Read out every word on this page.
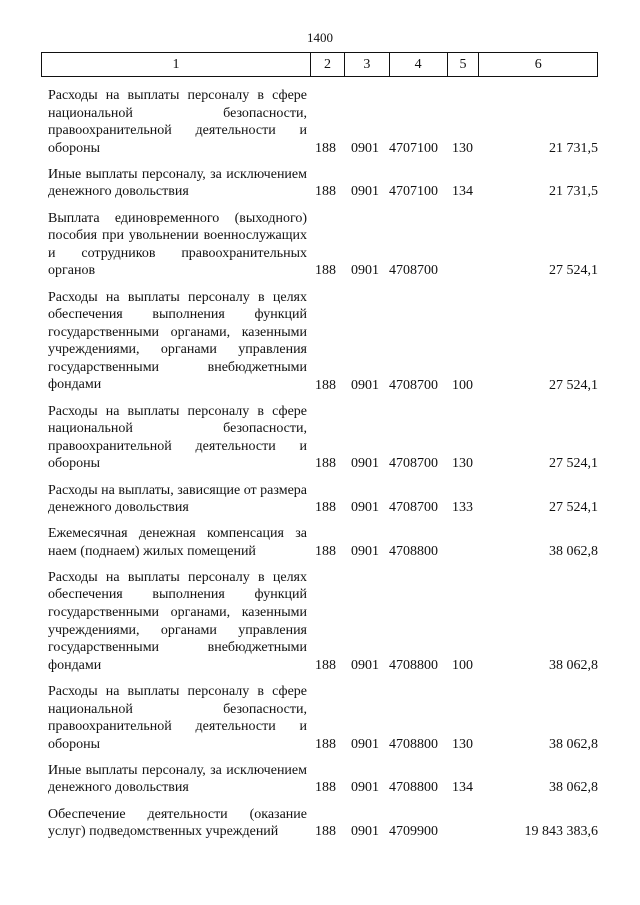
1400
1	2	3	4	5	6
Расходы на выплаты персоналу в сфере национальной безопасности, правоохранительной деятельности и обороны	188 0901 4707100 130	21 731,5
Иные выплаты персоналу, за исключением денежного довольствия	188 0901 4707100 134	21 731,5
Выплата единовременного (выходного) пособия при увольнении военнослужащих и сотрудников правоохранительных органов	188 0901 4708700	27 524,1
Расходы на выплаты персоналу в целях обеспечения выполнения функций государственными органами, казенными учреждениями, органами управления государственными внебюджетными фондами	188 0901 4708700 100	27 524,1
Расходы на выплаты персоналу в сфере национальной безопасности, правоохранительной деятельности и обороны	188 0901 4708700 130	27 524,1
Расходы на выплаты, зависящие от размера денежного довольствия	188 0901 4708700 133	27 524,1
Ежемесячная денежная компенсация за наем (поднаем) жилых помещений	188 0901 4708800	38 062,8
Расходы на выплаты персоналу в целях обеспечения выполнения функций государственными органами, казенными учреждениями, органами управления государственными внебюджетными фондами	188 0901 4708800 100	38 062,8
Расходы на выплаты персоналу в сфере национальной безопасности, правоохранительной деятельности и обороны	188 0901 4708800 130	38 062,8
Иные выплаты персоналу, за исключением денежного довольствия	188 0901 4708800 134	38 062,8
Обеспечение деятельности (оказание услуг) подведомственных учреждений	188 0901 4709900	19 843 383,6
